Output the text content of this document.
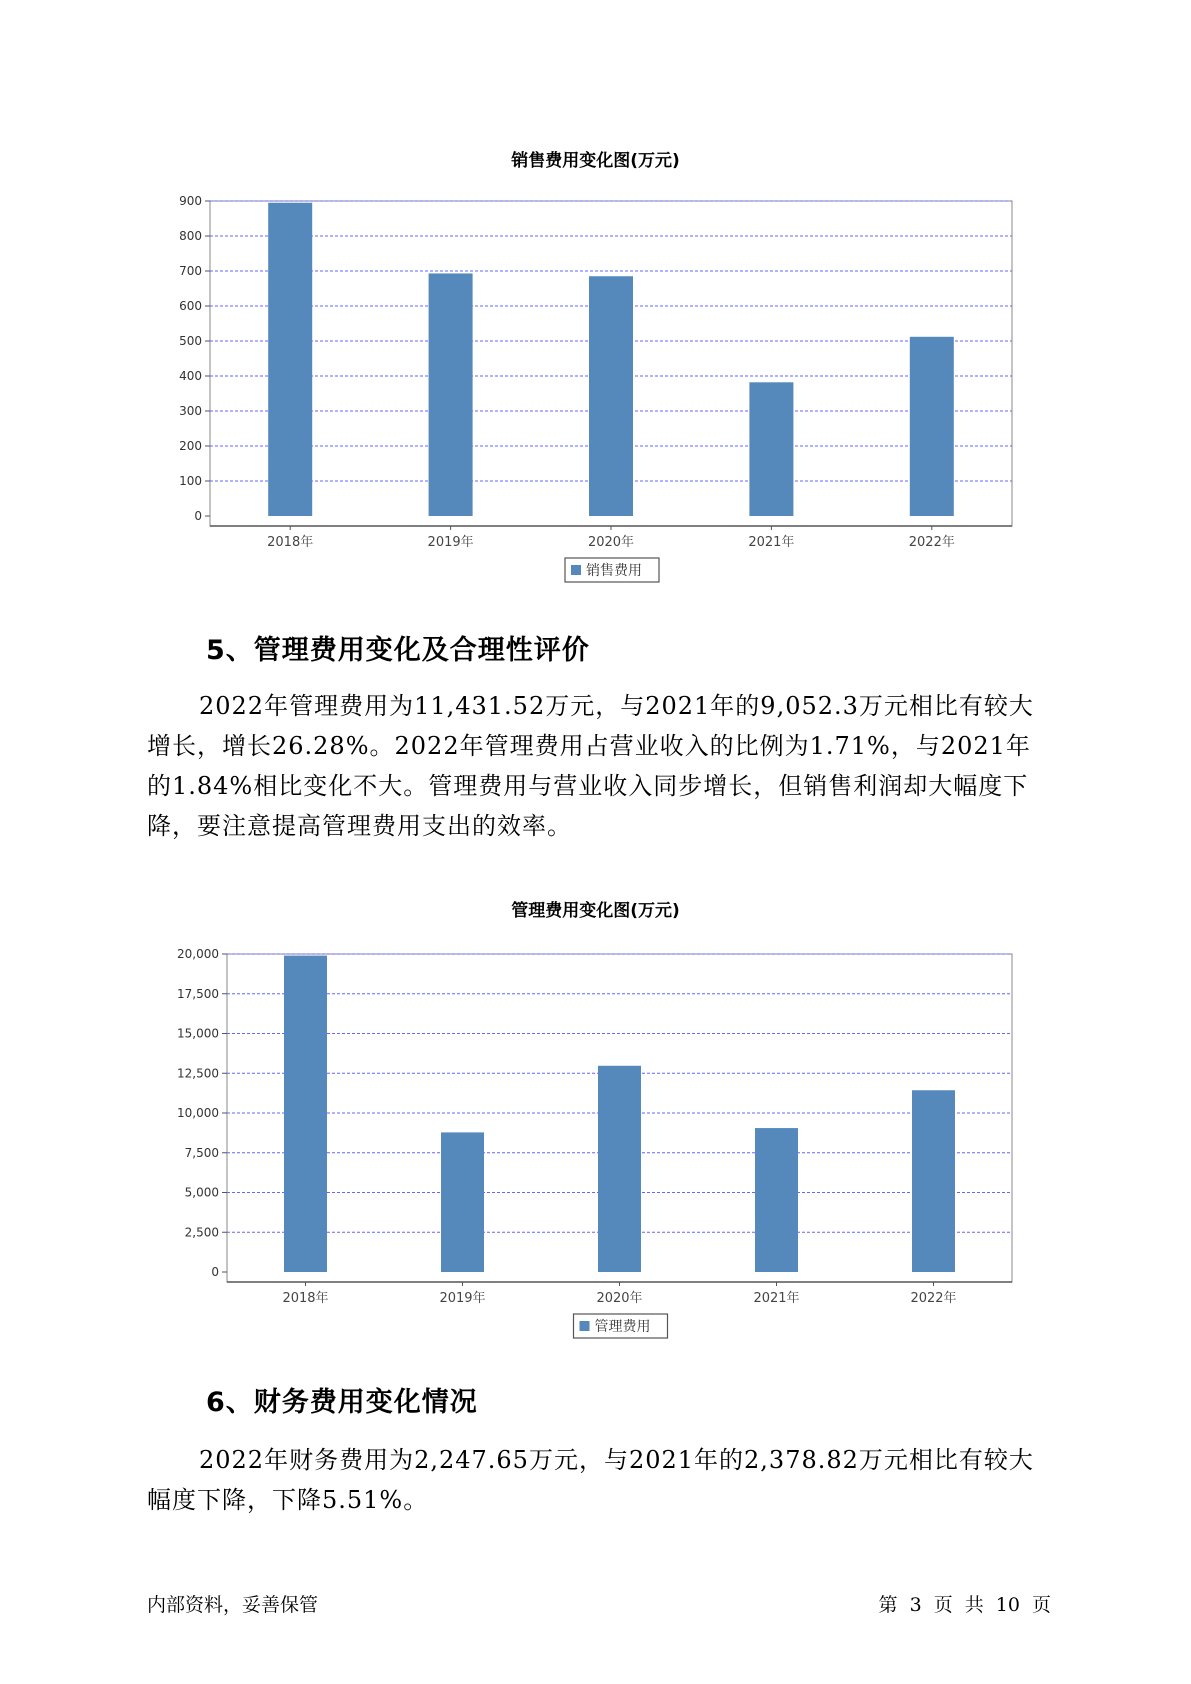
销售费用变化图(万元)
0
100
200
300
400
500
600
700
800
900
2018年	2019年	2020年	2021年	2022年
销售费用
5、管理费用变化及合理性评价
2022年管理费用为11,431.52万元，与2021年的9,052.3万元相比有较大增长，增长26.28%。2022年管理费用占营业收入的比例为1.71%，与2021年的1.84%相比变化不大。管理费用与营业收入同步增长，但销售利润却大幅度下降，要注意提高管理费用支出的效率。
管理费用变化图(万元)
0
2,500
5,000
7,500
10,000
12,500
15,000
17,500
20,000
2018年	2019年	2020年	2021年	2022年
管理费用
6、财务费用变化情况
2022年财务费用为2,247.65万元，与2021年的2,378.82万元相比有较大幅度下降，下降5.51%。
内部资料，妥善保管	第 3 页 共 10 页
